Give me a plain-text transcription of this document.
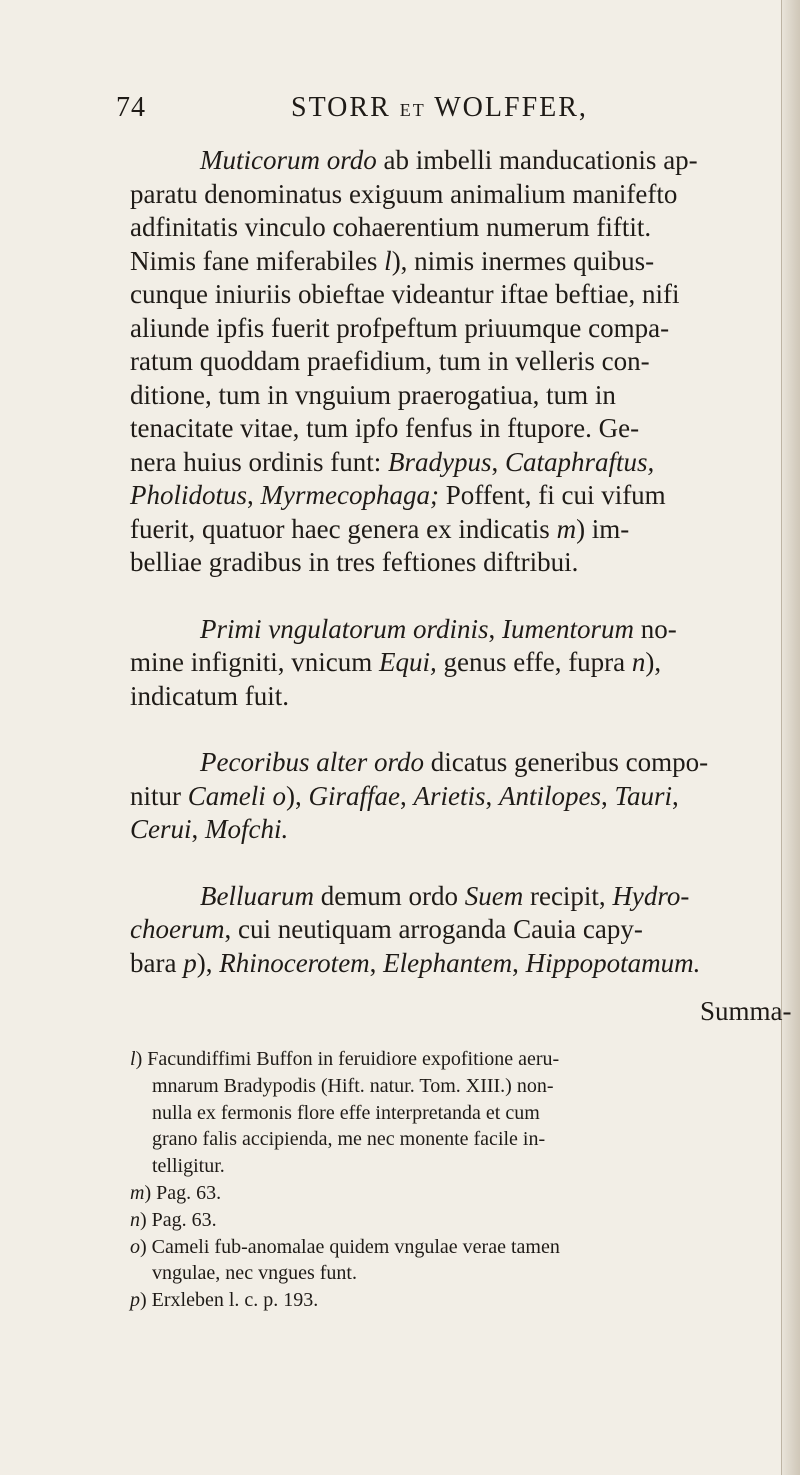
74	STORR ET WOLFFER,
Muticorum ordo ab imbelli manducationis ap-
paratu denominatus exiguum animalium manifefto
adfinitatis vinculo cohaerentium numerum fiftit.
Nimis fane miferabiles l), nimis inermes quibus-
cunque iniuriis obieftae videantur iftae beftiae, nifi
aliunde ipfis fuerit profpeftum priuumque compa-
ratum quoddam praefidium, tum in velleris con-
ditione, tum in vnguium praerogatiua, tum in
tenacitate vitae, tum ipfo fenfus in ftupore. Ge-
nera huius ordinis funt: Bradypus, Cataphraftus,
Pholidotus, Myrmecophaga; Poffent, fi cui vifum
fuerit, quatuor haec genera ex indicatis m) im-
belliae gradibus in tres feftiones diftribui.
Primi vngulatorum ordinis, Iumentorum no-
mine infigniti, vnicum Equi, genus effe, fupra n),
indicatum fuit.
Pecoribus alter ordo dicatus generibus compo-
nitur Cameli o), Giraffae, Arietis, Antilopes, Tauri,
Cerui, Mofchi.
Belluarum demum ordo Suem recipit, Hydro-
choerum, cui neutiquam arroganda Cauia capy-
bara p), Rhinocerotem, Elephantem, Hippopotamum.
Summa-
l) Facundiffimi Buffon in feruidiore expofitione aeru-
mnarum Bradypodis (Hift. natur. Tom. XIII.) non-
nulla ex fermonis flore effe interpretanda et cum
grano falis accipienda, me nec monente facile in-
telligitur.
m) Pag. 63.
n) Pag. 63.
o) Cameli fub-anomalae quidem vngulae verae tamen
vngulae, nec vngues funt.
p) Erxleben l. c. p. 193.
